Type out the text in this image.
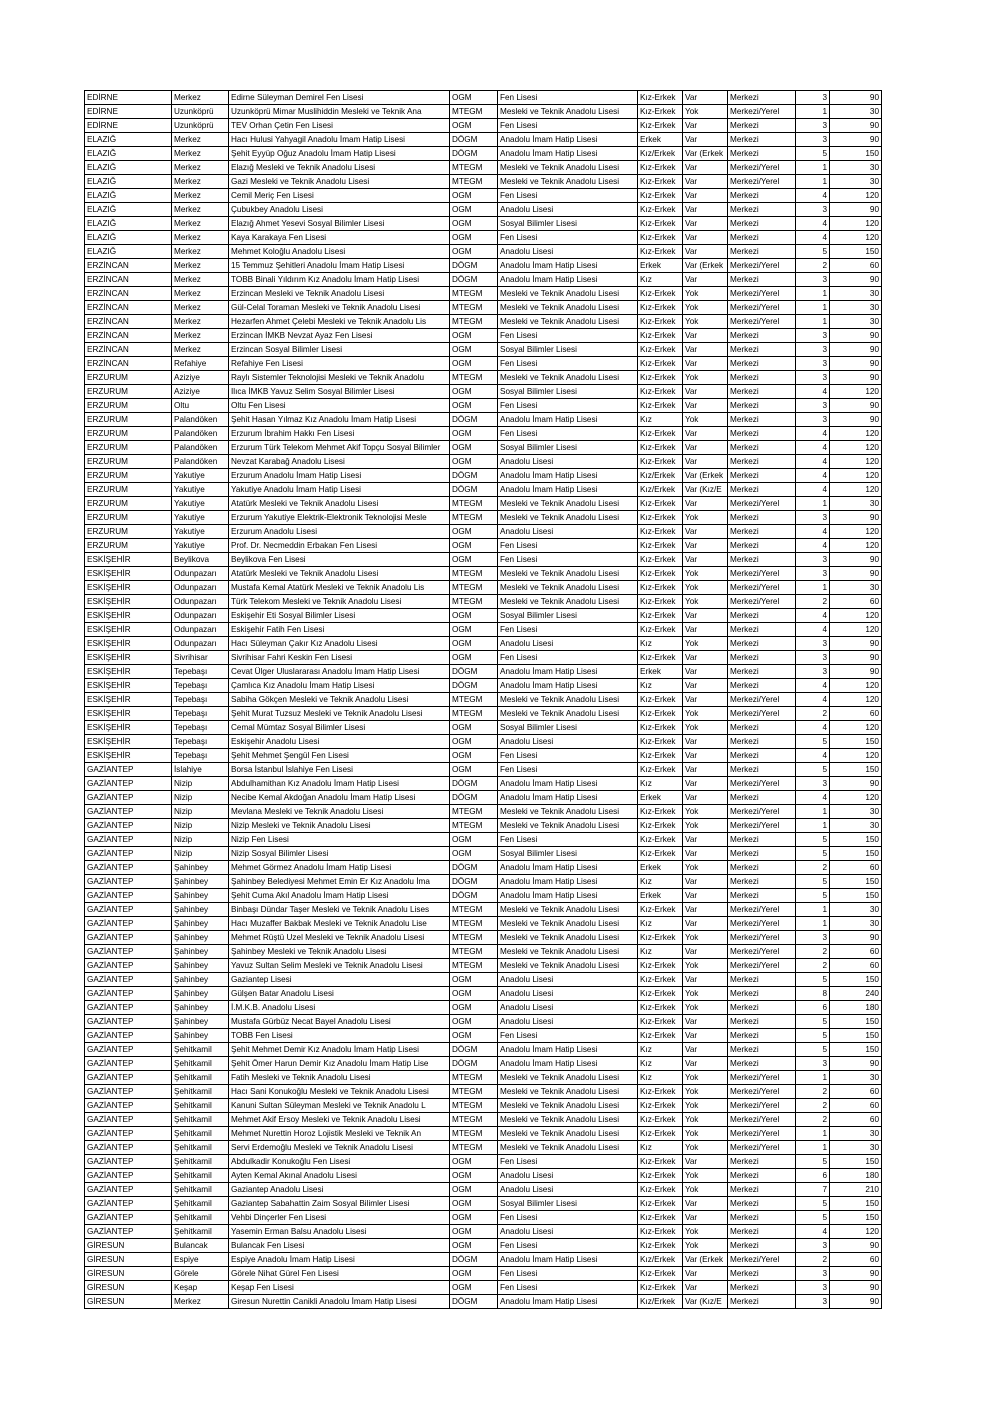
EDİRNE	Merkez	Edirne Süleyman Demirel Fen Lisesi	OGM	Fen Lisesi	Kız-Erkek	Var	Merkezi	3	90
EDİRNE	Uzunköprü	Uzunköprü Mimar Muslihiddin Mesleki ve Teknik Ana	MTEGM	Mesleki ve Teknik Anadolu Lisesi	Kız-Erkek	Yok	Merkezi/Yerel	1	30
EDİRNE	Uzunköprü	TEV Orhan Çetin Fen Lisesi	OGM	Fen Lisesi	Kız-Erkek	Var	Merkezi	3	90
ELAZIĞ	Merkez	Hacı Hulusi Yahyagil Anadolu İmam Hatip Lisesi	DÖGM	Anadolu İmam Hatip Lisesi	Erkek	Var	Merkezi	3	90
ELAZIĞ	Merkez	Şehit Eyyüp Oğuz Anadolu İmam Hatip Lisesi	DÖGM	Anadolu İmam Hatip Lisesi	Kız/Erkek	Var (Erkek	Merkezi	5	150
ELAZIĞ	Merkez	Elazığ Mesleki ve Teknik Anadolu Lisesi	MTEGM	Mesleki ve Teknik Anadolu Lisesi	Kız-Erkek	Var	Merkezi/Yerel	1	30
ELAZIĞ	Merkez	Gazi Mesleki ve Teknik Anadolu Lisesi	MTEGM	Mesleki ve Teknik Anadolu Lisesi	Kız-Erkek	Var	Merkezi/Yerel	1	30
ELAZIĞ	Merkez	Cemil Meriç Fen Lisesi	OGM	Fen Lisesi	Kız-Erkek	Var	Merkezi	4	120
ELAZIĞ	Merkez	Çubukbey Anadolu Lisesi	OGM	Anadolu Lisesi	Kız-Erkek	Var	Merkezi	3	90
ELAZIĞ	Merkez	Elazığ Ahmet Yesevi Sosyal Bilimler Lisesi	OGM	Sosyal Bilimler Lisesi	Kız-Erkek	Var	Merkezi	4	120
ELAZIĞ	Merkez	Kaya Karakaya Fen Lisesi	OGM	Fen Lisesi	Kız-Erkek	Var	Merkezi	4	120
ELAZIĞ	Merkez	Mehmet Koloğlu Anadolu Lisesi	OGM	Anadolu Lisesi	Kız-Erkek	Var	Merkezi	5	150
ERZİNCAN	Merkez	15 Temmuz Şehitleri Anadolu İmam Hatip Lisesi	DÖGM	Anadolu İmam Hatip Lisesi	Erkek	Var (Erkek	Merkezi/Yerel	2	60
ERZİNCAN	Merkez	TOBB Binali Yıldırım Kız Anadolu İmam Hatip Lisesi	DÖGM	Anadolu İmam Hatip Lisesi	Kız	Var	Merkezi	3	90
ERZİNCAN	Merkez	Erzincan Mesleki ve Teknik Anadolu Lisesi	MTEGM	Mesleki ve Teknik Anadolu Lisesi	Kız-Erkek	Yok	Merkezi/Yerel	1	30
ERZİNCAN	Merkez	Gül-Celal Toraman Mesleki ve Teknik Anadolu Lisesi	MTEGM	Mesleki ve Teknik Anadolu Lisesi	Kız-Erkek	Yok	Merkezi/Yerel	1	30
ERZİNCAN	Merkez	Hezarfen Ahmet Çelebi Mesleki ve Teknik Anadolu Lis	MTEGM	Mesleki ve Teknik Anadolu Lisesi	Kız-Erkek	Yok	Merkezi/Yerel	1	30
ERZİNCAN	Merkez	Erzincan İMKB Nevzat Ayaz Fen Lisesi	OGM	Fen Lisesi	Kız-Erkek	Var	Merkezi	3	90
ERZİNCAN	Merkez	Erzincan Sosyal Bilimler Lisesi	OGM	Sosyal Bilimler Lisesi	Kız-Erkek	Var	Merkezi	3	90
ERZİNCAN	Refahiye	Refahiye Fen Lisesi	OGM	Fen Lisesi	Kız-Erkek	Var	Merkezi	3	90
ERZURUM	Aziziye	Raylı Sistemler Teknolojisi Mesleki ve Teknik Anadolu	MTEGM	Mesleki ve Teknik Anadolu Lisesi	Kız-Erkek	Yok	Merkezi	3	90
ERZURUM	Aziziye	Ilıca İMKB Yavuz Selim Sosyal Bilimler Lisesi	OGM	Sosyal Bilimler Lisesi	Kız-Erkek	Var	Merkezi	4	120
ERZURUM	Oltu	Oltu Fen Lisesi	OGM	Fen Lisesi	Kız-Erkek	Var	Merkezi	3	90
ERZURUM	Palandöken	Şehit Hasan Yılmaz Kız Anadolu İmam Hatip Lisesi	DÖGM	Anadolu İmam Hatip Lisesi	Kız	Yok	Merkezi	3	90
ERZURUM	Palandöken	Erzurum İbrahim Hakkı Fen Lisesi	OGM	Fen Lisesi	Kız-Erkek	Var	Merkezi	4	120
ERZURUM	Palandöken	Erzurum Türk Telekom Mehmet Akif Topçu Sosyal Bilimler	OGM	Sosyal Bilimler Lisesi	Kız-Erkek	Var	Merkezi	4	120
ERZURUM	Palandöken	Nevzat Karabağ Anadolu Lisesi	OGM	Anadolu Lisesi	Kız-Erkek	Var	Merkezi	4	120
ERZURUM	Yakutiye	Erzurum Anadolu İmam Hatip Lisesi	DÖGM	Anadolu İmam Hatip Lisesi	Kız/Erkek	Var (Erkek	Merkezi	4	120
ERZURUM	Yakutiye	Yakutiye Anadolu İmam Hatip Lisesi	DÖGM	Anadolu İmam Hatip Lisesi	Kız/Erkek	Var (Kız/E	Merkezi	4	120
ERZURUM	Yakutiye	Atatürk Mesleki ve Teknik Anadolu Lisesi	MTEGM	Mesleki ve Teknik Anadolu Lisesi	Kız-Erkek	Var	Merkezi/Yerel	1	30
ERZURUM	Yakutiye	Erzurum Yakutiye Elektrik-Elektronik Teknolojisi Mesle	MTEGM	Mesleki ve Teknik Anadolu Lisesi	Kız-Erkek	Yok	Merkezi	3	90
ERZURUM	Yakutiye	Erzurum Anadolu Lisesi	OGM	Anadolu Lisesi	Kız-Erkek	Var	Merkezi	4	120
ERZURUM	Yakutiye	Prof. Dr. Necmeddin Erbakan Fen Lisesi	OGM	Fen Lisesi	Kız-Erkek	Var	Merkezi	4	120
ESKİŞEHİR	Beylikova	Beylikova Fen Lisesi	OGM	Fen Lisesi	Kız-Erkek	Var	Merkezi	3	90
ESKİŞEHİR	Odunpazarı	Atatürk Mesleki ve Teknik Anadolu Lisesi	MTEGM	Mesleki ve Teknik Anadolu Lisesi	Kız-Erkek	Yok	Merkezi/Yerel	3	90
ESKİŞEHİR	Odunpazarı	Mustafa Kemal Atatürk Mesleki ve Teknik Anadolu Lis	MTEGM	Mesleki ve Teknik Anadolu Lisesi	Kız-Erkek	Yok	Merkezi/Yerel	1	30
ESKİŞEHİR	Odunpazarı	Türk Telekom Mesleki ve Teknik Anadolu Lisesi	MTEGM	Mesleki ve Teknik Anadolu Lisesi	Kız-Erkek	Yok	Merkezi/Yerel	2	60
ESKİŞEHİR	Odunpazarı	Eskişehir Eti Sosyal Bilimler Lisesi	OGM	Sosyal Bilimler Lisesi	Kız-Erkek	Var	Merkezi	4	120
ESKİŞEHİR	Odunpazarı	Eskişehir Fatih Fen Lisesi	OGM	Fen Lisesi	Kız-Erkek	Var	Merkezi	4	120
ESKİŞEHİR	Odunpazarı	Hacı Süleyman Çakır Kız Anadolu Lisesi	OGM	Anadolu Lisesi	Kız	Yok	Merkezi	3	90
ESKİŞEHİR	Sivrihisar	Sivrihisar Fahri Keskin Fen Lisesi	OGM	Fen Lisesi	Kız-Erkek	Var	Merkezi	3	90
ESKİŞEHİR	Tepebaşı	Cevat Ülger Uluslararası Anadolu İmam Hatip Lisesi	DÖGM	Anadolu İmam Hatip Lisesi	Erkek	Var	Merkezi	3	90
ESKİŞEHİR	Tepebaşı	Çamlıca Kız Anadolu İmam Hatip Lisesi	DÖGM	Anadolu İmam Hatip Lisesi	Kız	Var	Merkezi	4	120
ESKİŞEHİR	Tepebaşı	Sabiha Gökçen Mesleki ve Teknik Anadolu Lisesi	MTEGM	Mesleki ve Teknik Anadolu Lisesi	Kız-Erkek	Var	Merkezi/Yerel	4	120
ESKİŞEHİR	Tepebaşı	Şehit Murat Tuzsuz Mesleki ve Teknik Anadolu Lisesi	MTEGM	Mesleki ve Teknik Anadolu Lisesi	Kız-Erkek	Yok	Merkezi/Yerel	2	60
ESKİŞEHİR	Tepebaşı	Cemal Mümtaz Sosyal Bilimler Lisesi	OGM	Sosyal Bilimler Lisesi	Kız-Erkek	Yok	Merkezi	4	120
ESKİŞEHİR	Tepebaşı	Eskişehir Anadolu Lisesi	OGM	Anadolu Lisesi	Kız-Erkek	Var	Merkezi	5	150
ESKİŞEHİR	Tepebaşı	Şehit Mehmet Şengül Fen Lisesi	OGM	Fen Lisesi	Kız-Erkek	Var	Merkezi	4	120
GAZİANTEP	İslahiye	Borsa İstanbul İslahiye Fen Lisesi	OGM	Fen Lisesi	Kız-Erkek	Var	Merkezi	5	150
GAZİANTEP	Nizip	Abdulhamithan Kız Anadolu İmam Hatip Lisesi	DÖGM	Anadolu İmam Hatip Lisesi	Kız	Var	Merkezi/Yerel	3	90
GAZİANTEP	Nizip	Necibe Kemal Akdoğan Anadolu İmam Hatip Lisesi	DÖGM	Anadolu İmam Hatip Lisesi	Erkek	Var	Merkezi	4	120
GAZİANTEP	Nizip	Mevlana Mesleki ve Teknik Anadolu Lisesi	MTEGM	Mesleki ve Teknik Anadolu Lisesi	Kız-Erkek	Yok	Merkezi/Yerel	1	30
GAZİANTEP	Nizip	Nizip Mesleki ve Teknik Anadolu Lisesi	MTEGM	Mesleki ve Teknik Anadolu Lisesi	Kız-Erkek	Yok	Merkezi/Yerel	1	30
GAZİANTEP	Nizip	Nizip Fen Lisesi	OGM	Fen Lisesi	Kız-Erkek	Var	Merkezi	5	150
GAZİANTEP	Nizip	Nizip Sosyal Bilimler Lisesi	OGM	Sosyal Bilimler Lisesi	Kız-Erkek	Var	Merkezi	5	150
GAZİANTEP	Şahinbey	Mehmet Görmez Anadolu İmam Hatip Lisesi	DÖGM	Anadolu İmam Hatip Lisesi	Erkek	Yok	Merkezi	2	60
GAZİANTEP	Şahinbey	Şahinbey Belediyesi Mehmet Emin Er Kız Anadolu İma	DÖGM	Anadolu İmam Hatip Lisesi	Kız	Var	Merkezi	5	150
GAZİANTEP	Şahinbey	Şehit Cuma Akıl Anadolu İmam Hatip Lisesi	DÖGM	Anadolu İmam Hatip Lisesi	Erkek	Var	Merkezi	5	150
GAZİANTEP	Şahinbey	Binbaşı Dündar Taşer Mesleki ve Teknik Anadolu Lises	MTEGM	Mesleki ve Teknik Anadolu Lisesi	Kız-Erkek	Var	Merkezi/Yerel	1	30
GAZİANTEP	Şahinbey	Hacı Muzaffer Bakbak Mesleki ve Teknik Anadolu Lise	MTEGM	Mesleki ve Teknik Anadolu Lisesi	Kız	Var	Merkezi/Yerel	1	30
GAZİANTEP	Şahinbey	Mehmet Rüştü Uzel Mesleki ve Teknik Anadolu Lisesi	MTEGM	Mesleki ve Teknik Anadolu Lisesi	Kız-Erkek	Yok	Merkezi/Yerel	3	90
GAZİANTEP	Şahinbey	Şahinbey Mesleki ve Teknik Anadolu Lisesi	MTEGM	Mesleki ve Teknik Anadolu Lisesi	Kız	Var	Merkezi/Yerel	2	60
GAZİANTEP	Şahinbey	Yavuz Sultan Selim Mesleki ve Teknik Anadolu Lisesi	MTEGM	Mesleki ve Teknik Anadolu Lisesi	Kız-Erkek	Yok	Merkezi/Yerel	2	60
GAZİANTEP	Şahinbey	Gaziantep Lisesi	OGM	Anadolu Lisesi	Kız-Erkek	Var	Merkezi	5	150
GAZİANTEP	Şahinbey	Gülşen Batar Anadolu Lisesi	OGM	Anadolu Lisesi	Kız-Erkek	Yok	Merkezi	8	240
GAZİANTEP	Şahinbey	İ.M.K.B. Anadolu Lisesi	OGM	Anadolu Lisesi	Kız-Erkek	Yok	Merkezi	6	180
GAZİANTEP	Şahinbey	Mustafa Gürbüz Necat Bayel Anadolu Lisesi	OGM	Anadolu Lisesi	Kız-Erkek	Var	Merkezi	5	150
GAZİANTEP	Şahinbey	TOBB Fen Lisesi	OGM	Fen Lisesi	Kız-Erkek	Var	Merkezi	5	150
GAZİANTEP	Şehitkamil	Şehit Mehmet Demir Kız Anadolu İmam Hatip Lisesi	DÖGM	Anadolu İmam Hatip Lisesi	Kız	Var	Merkezi	5	150
GAZİANTEP	Şehitkamil	Şehit Ömer Harun Demir Kız Anadolu İmam Hatip Lise	DÖGM	Anadolu İmam Hatip Lisesi	Kız	Var	Merkezi	3	90
GAZİANTEP	Şehitkamil	Fatih Mesleki ve Teknik Anadolu Lisesi	MTEGM	Mesleki ve Teknik Anadolu Lisesi	Kız	Yok	Merkezi/Yerel	1	30
GAZİANTEP	Şehitkamil	Hacı Sani Konukoğlu Mesleki ve Teknik Anadolu Lisesi	MTEGM	Mesleki ve Teknik Anadolu Lisesi	Kız-Erkek	Yok	Merkezi/Yerel	2	60
GAZİANTEP	Şehitkamil	Kanuni Sultan Süleyman Mesleki ve Teknik Anadolu L	MTEGM	Mesleki ve Teknik Anadolu Lisesi	Kız-Erkek	Yok	Merkezi/Yerel	2	60
GAZİANTEP	Şehitkamil	Mehmet Akif Ersoy Mesleki ve Teknik Anadolu Lisesi	MTEGM	Mesleki ve Teknik Anadolu Lisesi	Kız-Erkek	Yok	Merkezi/Yerel	2	60
GAZİANTEP	Şehitkamil	Mehmet Nurettin Horoz Lojistik Mesleki ve Teknik An	MTEGM	Mesleki ve Teknik Anadolu Lisesi	Kız-Erkek	Yok	Merkezi/Yerel	1	30
GAZİANTEP	Şehitkamil	Servi Erdemoğlu Mesleki ve Teknik Anadolu Lisesi	MTEGM	Mesleki ve Teknik Anadolu Lisesi	Kız	Yok	Merkezi/Yerel	1	30
GAZİANTEP	Şehitkamil	Abdulkadir Konukoğlu Fen Lisesi	OGM	Fen Lisesi	Kız-Erkek	Var	Merkezi	5	150
GAZİANTEP	Şehitkamil	Ayten Kemal Akınal Anadolu Lisesi	OGM	Anadolu Lisesi	Kız-Erkek	Yok	Merkezi	6	180
GAZİANTEP	Şehitkamil	Gaziantep Anadolu Lisesi	OGM	Anadolu Lisesi	Kız-Erkek	Yok	Merkezi	7	210
GAZİANTEP	Şehitkamil	Gaziantep Sabahattin Zaim Sosyal Bilimler Lisesi	OGM	Sosyal Bilimler Lisesi	Kız-Erkek	Var	Merkezi	5	150
GAZİANTEP	Şehitkamil	Vehbi Dinçerler Fen Lisesi	OGM	Fen Lisesi	Kız-Erkek	Var	Merkezi	5	150
GAZİANTEP	Şehitkamil	Yasemin Erman Balsu Anadolu Lisesi	OGM	Anadolu Lisesi	Kız-Erkek	Yok	Merkezi	4	120
GİRESUN	Bulancak	Bulancak Fen Lisesi	OGM	Fen Lisesi	Kız-Erkek	Yok	Merkezi	3	90
GİRESUN	Espiye	Espiye Anadolu İmam Hatip Lisesi	DÖGM	Anadolu İmam Hatip Lisesi	Kız/Erkek	Var (Erkek	Merkezi/Yerel	2	60
GİRESUN	Görele	Görele Nihat Gürel Fen Lisesi	OGM	Fen Lisesi	Kız-Erkek	Var	Merkezi	3	90
GİRESUN	Keşap	Keşap Fen Lisesi	OGM	Fen Lisesi	Kız-Erkek	Var	Merkezi	3	90
GİRESUN	Merkez	Giresun Nurettin Canikli Anadolu İmam Hatip Lisesi	DÖGM	Anadolu İmam Hatip Lisesi	Kız/Erkek	Var (Kız/E	Merkezi	3	90
